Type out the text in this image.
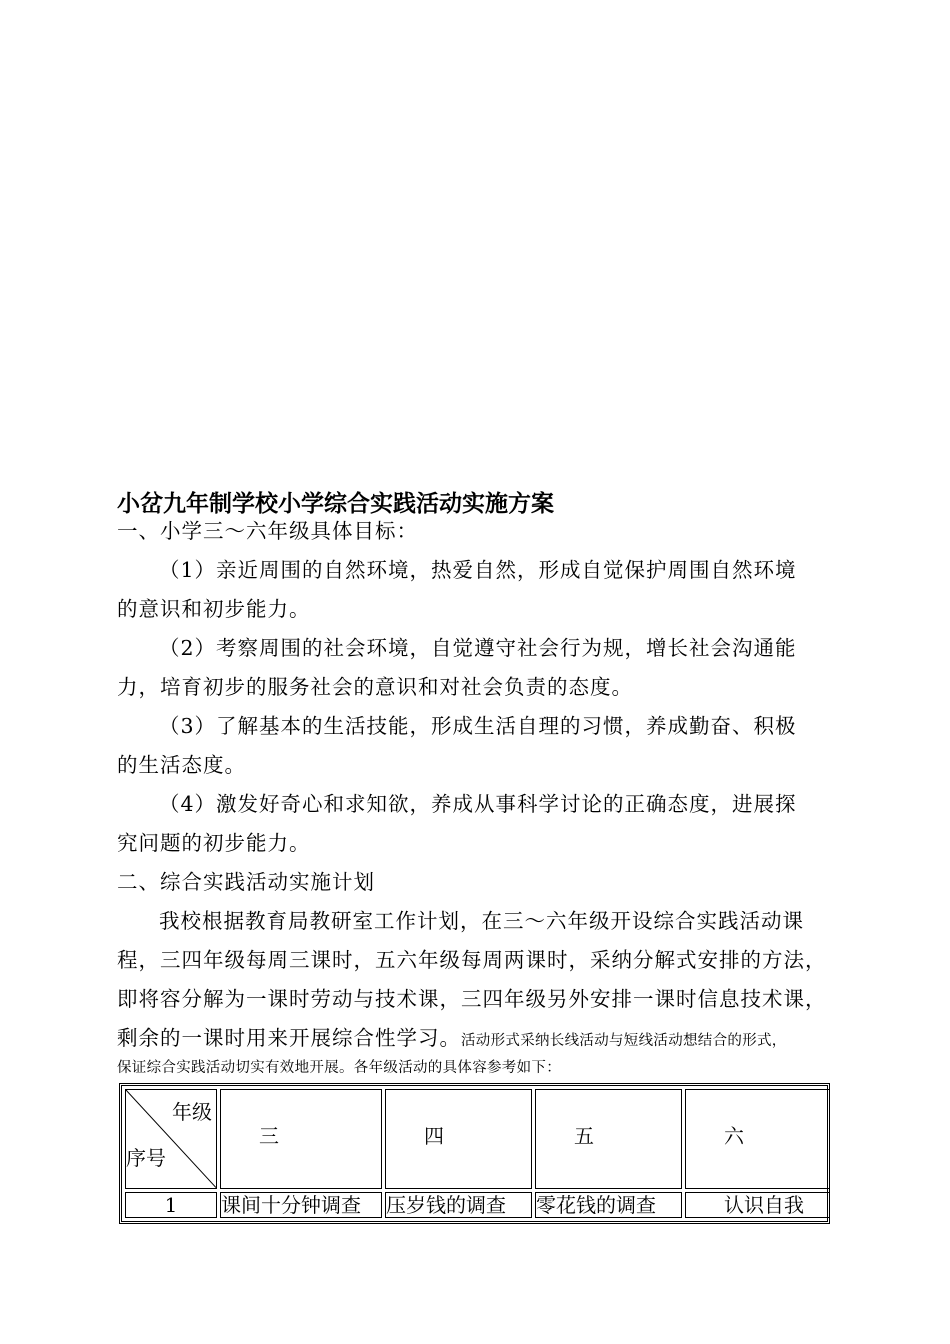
小岔九年制学校小学综合实践活动实施方案
一、小学三～六年级具体目标：
（1）亲近周围的自然环境，热爱自然，形成自觉保护周围自然环境
的意识和初步能力。
（2）考察周围的社会环境，自觉遵守社会行为规，增长社会沟通能
力，培育初步的服务社会的意识和对社会负责的态度。
（3）了解基本的生活技能，形成生活自理的习惯，养成勤奋、积极
的生活态度。
（4）激发好奇心和求知欲，养成从事科学讨论的正确态度，进展探
究问题的初步能力。
二、综合实践活动实施计划
我校根据教育局教研室工作计划，在三～六年级开设综合实践活动课
程，三四年级每周三课时，五六年级每周两课时，采纳分解式安排的方法，
即将容分解为一课时劳动与技术课，三四年级另外安排一课时信息技术课，
剩余的一课时用来开展综合性学习。活动形式采纳长线活动与短线活动想结合的形式，
保证综合实践活动切实有效地开展。各年级活动的具体容参考如下：
年级
序号	三	四	五	六

1	课间十分钟调查	压岁钱的调查	零花钱的调查	认识自我
